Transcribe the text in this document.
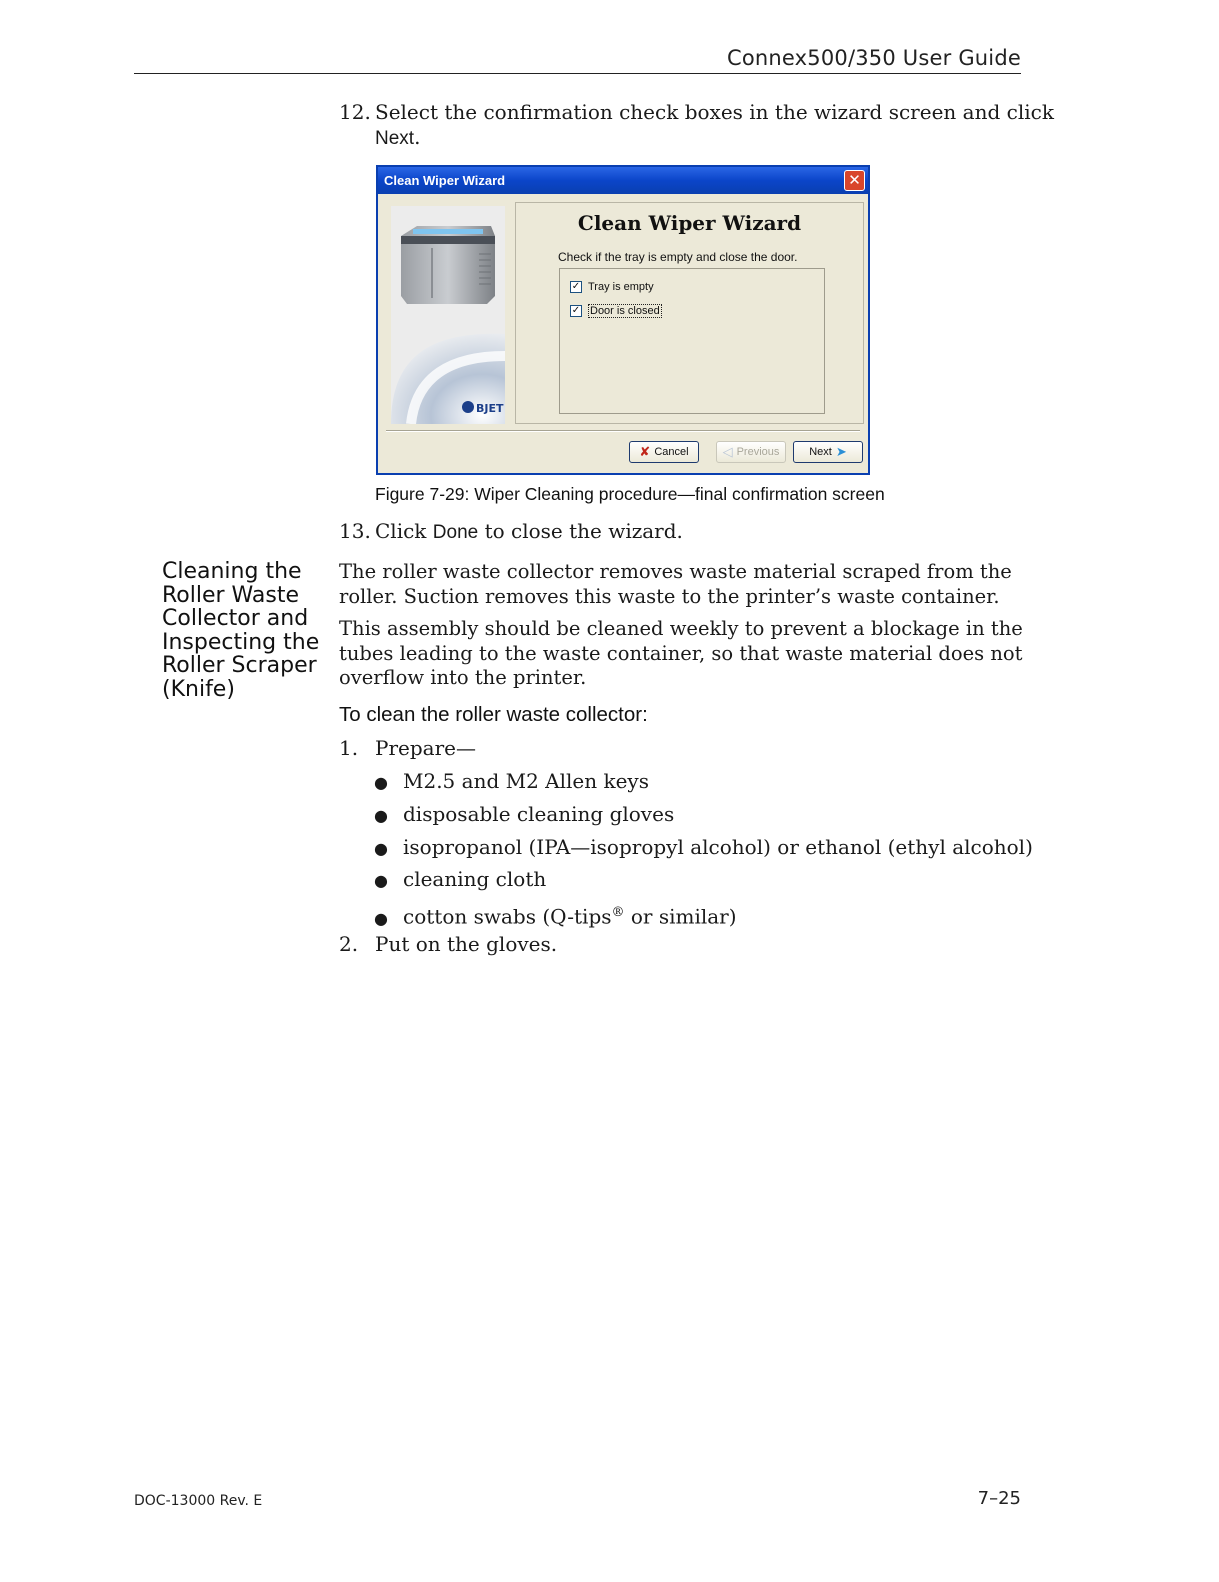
Connex500/350 User Guide
12. Select the confirmation check boxes in the wizard screen and click
Next.
Clean Wiper Wizard	✕
BJET
Clean Wiper Wizard
Check if the tray is empty and close the door.
✓ Tray is empty
✓ Door is closed
✘ Cancel	◁ Previous	Next ➤
Figure 7-29: Wiper Cleaning procedure—final confirmation screen
13. Click Done to close the wizard.
Cleaning the Roller Waste Collector and Inspecting the Roller Scraper (Knife)
The roller waste collector removes waste material scraped from the roller. Suction removes this waste to the printer’s waste container.
This assembly should be cleaned weekly to prevent a blockage in the tubes leading to the waste container, so that waste material does not overflow into the printer.
To clean the roller waste collector:
1. Prepare—
● M2.5 and M2 Allen keys
● disposable cleaning gloves
● isopropanol (IPA—isopropyl alcohol) or ethanol (ethyl alcohol)
● cleaning cloth
● cotton swabs (Q-tips® or similar)
2. Put on the gloves.
DOC-13000 Rev. E	7–25
